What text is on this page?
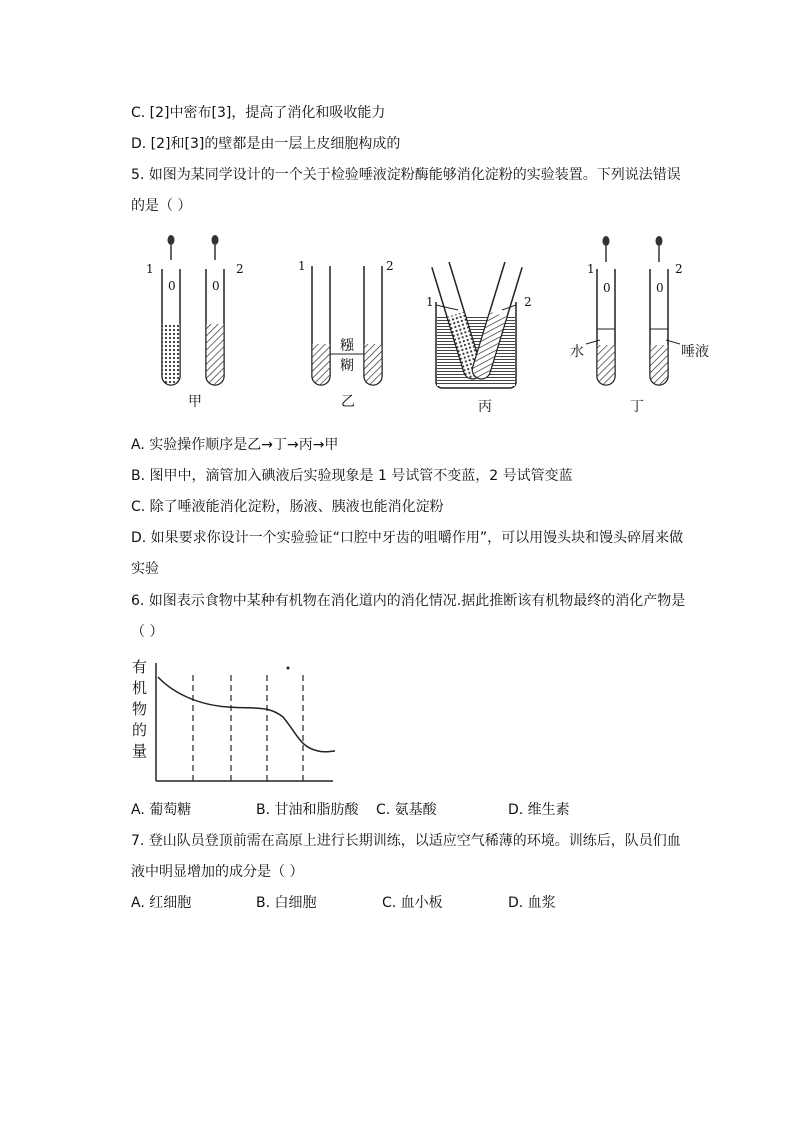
C. [2]中密布[3]，提高了消化和吸收能力
D. [2]和[3]的壁都是由一层上皮细胞构成的
5. 如图为某同学设计的一个关于检验唾液淀粉酶能够消化淀粉的实验装置。下列说法错误
的是（ ）
1	2
0	0
甲
1	2
糨
糊
乙
1	2
丙
1	2
0	0
水	唾液
丁
A. 实验操作顺序是乙→丁→丙→甲
B. 图甲中，滴管加入碘液后实验现象是 1 号试管不变蓝，2 号试管变蓝
C. 除了唾液能消化淀粉，肠液、胰液也能消化淀粉
D. 如果要求你设计一个实验验证“口腔中牙齿的咀嚼作用”，可以用馒头块和馒头碎屑来做
实验
6. 如图表示食物中某种有机物在消化道内的消化情况.据此推断该有机物最终的消化产物是
（ ）
有
机
物
的
量
A. 葡萄糖	B. 甘油和脂肪酸 C. 氨基酸	D. 维生素
7. 登山队员登顶前需在高原上进行长期训练，以适应空气稀薄的环境。训练后，队员们血
液中明显增加的成分是（ ）
A. 红细胞	B. 白细胞	C. 血小板	D. 血浆
